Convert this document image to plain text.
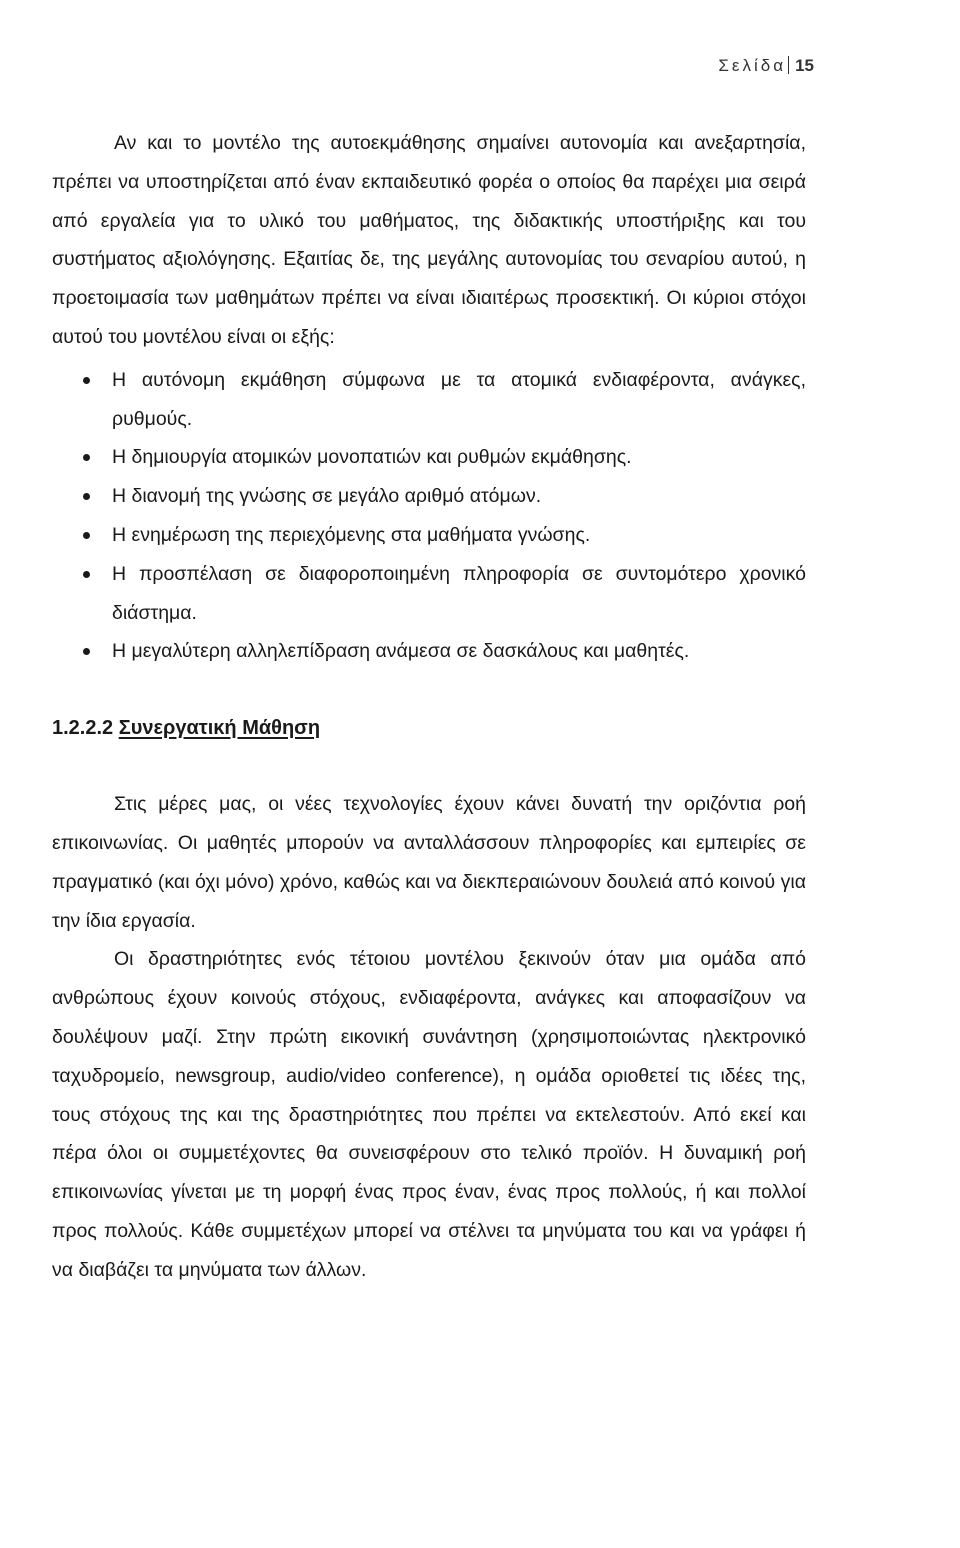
Σελίδα 15

Αν και το μοντέλο της αυτοεκμάθησης σημαίνει αυτονομία και ανεξαρτησία, πρέπει να υποστηρίζεται από έναν εκπαιδευτικό φορέα ο οποίος θα παρέχει μια σειρά από εργαλεία για το υλικό του μαθήματος, της διδακτικής υποστήριξης και του συστήματος αξιολόγησης. Εξαιτίας δε, της μεγάλης αυτονομίας του σεναρίου αυτού, η προετοιμασία των μαθημάτων πρέπει να είναι ιδιαιτέρως προσεκτική. Οι κύριοι στόχοι αυτού του μοντέλου είναι οι εξής:

Η αυτόνομη εκμάθηση σύμφωνα με τα ατομικά ενδιαφέροντα, ανάγκες, ρυθμούς.
Η δημιουργία ατομικών μονοπατιών και ρυθμών εκμάθησης.
Η διανομή της γνώσης σε μεγάλο αριθμό ατόμων.
Η ενημέρωση της περιεχόμενης στα μαθήματα γνώσης.
Η προσπέλαση σε διαφοροποιημένη πληροφορία σε συντομότερο χρονικό διάστημα.
Η μεγαλύτερη αλληλεπίδραση ανάμεσα σε δασκάλους και μαθητές.
1.2.2.2 Συνεργατική Μάθηση

Στις μέρες μας, οι νέες τεχνολογίες έχουν κάνει δυνατή την οριζόντια ροή επικοινωνίας. Οι μαθητές μπορούν να ανταλλάσσουν πληροφορίες και εμπειρίες σε πραγματικό (και όχι μόνο) χρόνο, καθώς και να διεκπεραιώνουν δουλειά από κοινού για την ίδια εργασία.

Οι δραστηριότητες ενός τέτοιου μοντέλου ξεκινούν όταν μια ομάδα από ανθρώπους έχουν κοινούς στόχους, ενδιαφέροντα, ανάγκες και αποφασίζουν να δουλέψουν μαζί. Στην πρώτη εικονική συνάντηση (χρησιμοποιώντας ηλεκτρονικό ταχυδρομείο, newsgroup, audio/video conference), η ομάδα οριοθετεί τις ιδέες της, τους στόχους της και της δραστηριότητες που πρέπει να εκτελεστούν. Από εκεί και πέρα όλοι οι συμμετέχοντες θα συνεισφέρουν στο τελικό προϊόν. Η δυναμική ροή επικοινωνίας γίνεται με τη μορφή ένας προς έναν, ένας προς πολλούς, ή και πολλοί προς πολλούς. Κάθε συμμετέχων μπορεί να στέλνει τα μηνύματα του και να γράφει ή να διαβάζει τα μηνύματα των άλλων.
